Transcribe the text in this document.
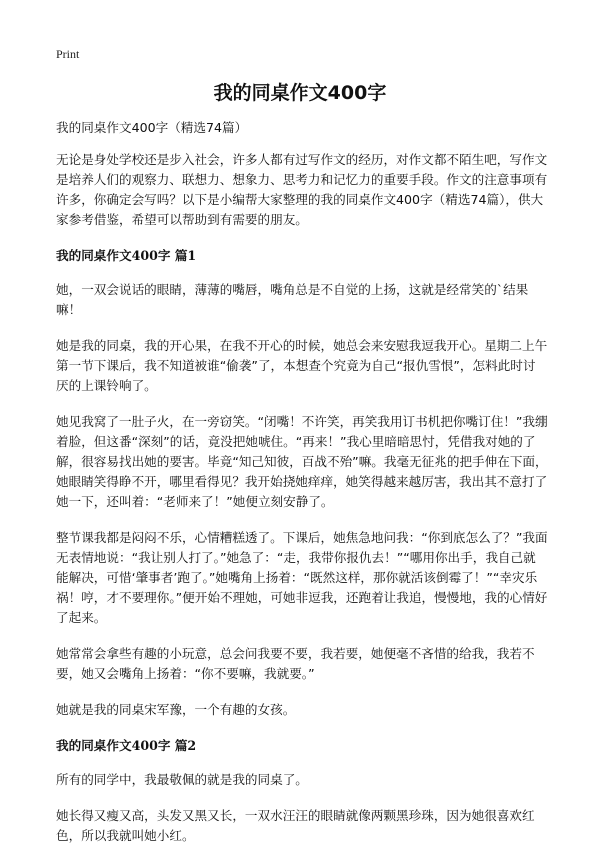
Print
我的同桌作文400字

我的同桌作文400字（精选74篇）

无论是身处学校还是步入社会，许多人都有过写作文的经历，对作文都不陌生吧，写作文是培养人们的观察力、联想力、想象力、思考力和记忆力的重要手段。作文的注意事项有许多，你确定会写吗？以下是小编帮大家整理的我的同桌作文400字（精选74篇），供大家参考借鉴，希望可以帮助到有需要的朋友。

我的同桌作文400字 篇1

她，一双会说话的眼睛，薄薄的嘴唇，嘴角总是不自觉的上扬，这就是经常笑的`结果嘛！

她是我的同桌，我的开心果，在我不开心的时候，她总会来安慰我逗我开心。星期二上午第一节下课后，我不知道被谁“偷袭”了，本想查个究竟为自己“报仇雪恨”，怎料此时讨厌的上课铃响了。

她见我窝了一肚子火，在一旁窃笑。“闭嘴！不许笑，再笑我用订书机把你嘴订住！”我绷着脸，但这番“深刻”的话，竟没把她唬住。“再来！”我心里暗暗思忖，凭借我对她的了解，很容易找出她的要害。毕竟“知己知彼，百战不殆”嘛。我毫无征兆的把手伸在下面，她眼睛笑得睁不开，哪里看得见？我开始挠她痒痒，她笑得越来越厉害，我出其不意打了她一下，还叫着：“老师来了！”她便立刻安静了。

整节课我都是闷闷不乐，心情糟糕透了。下课后，她焦急地问我：“你到底怎么了？”我面无表情地说：“我让别人打了。”她急了：“走，我带你报仇去！”“哪用你出手，我自己就能解决，可惜‘肇事者’跑了。”她嘴角上扬着：“既然这样，那你就活该倒霉了！”“幸灾乐祸！哼，才不要理你。”便开始不理她，可她非逗我，还跑着让我追，慢慢地，我的心情好了起来。

她常常会拿些有趣的小玩意，总会问我要不要，我若要，她便毫不吝惜的给我，我若不要，她又会嘴角上扬着：“你不要嘛，我就要。”

她就是我的同桌宋军豫，一个有趣的女孩。

我的同桌作文400字 篇2

所有的同学中，我最敬佩的就是我的同桌了。

她长得又瘦又高，头发又黑又长，一双水汪汪的眼睛就像两颗黑珍珠，因为她很喜欢红色，所以我就叫她小红。
